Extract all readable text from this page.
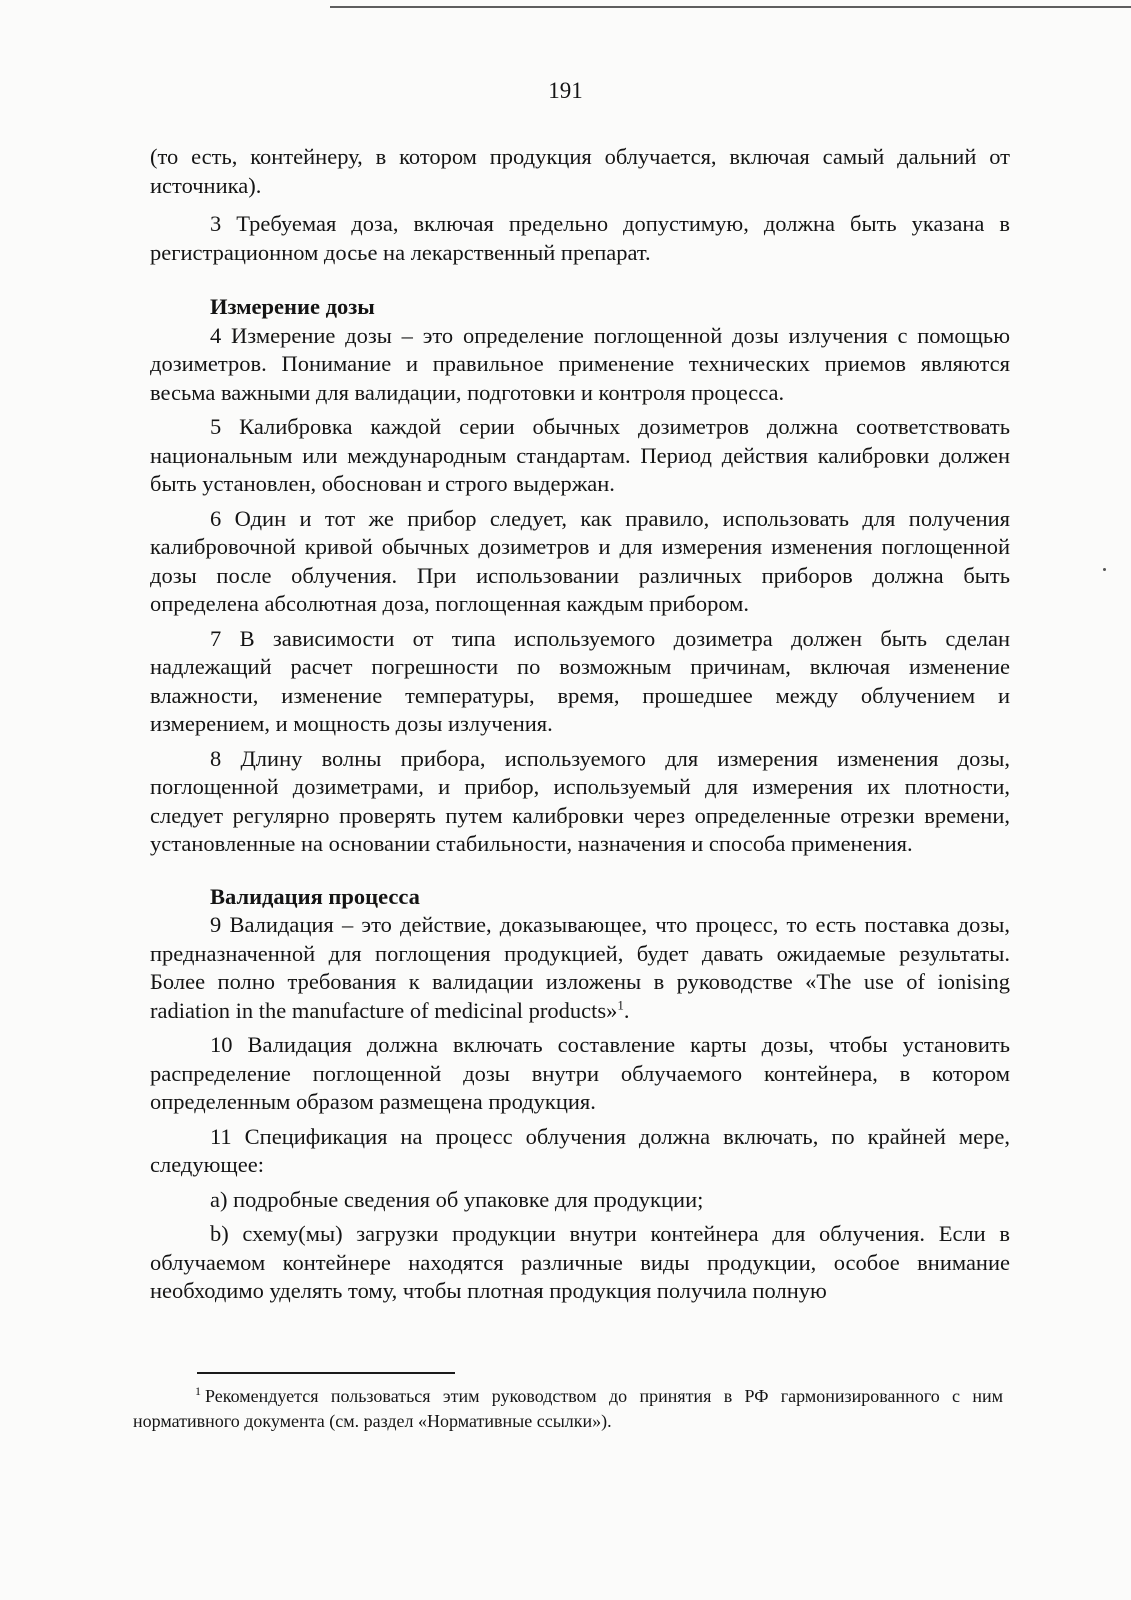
191

(то есть, контейнеру, в котором продукция облучается, включая самый дальний от источника).

3 Требуемая доза, включая предельно допустимую, должна быть указана в регистрационном досье на лекарственный препарат.

Измерение дозы

4 Измерение дозы – это определение поглощенной дозы излучения с помощью дозиметров. Понимание и правильное применение технических приемов являются весьма важными для валидации, подготовки и контроля процесса.

5 Калибровка каждой серии обычных дозиметров должна соответствовать национальным или международным стандартам. Период действия калибровки должен быть установлен, обоснован и строго выдержан.

6 Один и тот же прибор следует, как правило, использовать для получения калибровочной кривой обычных дозиметров и для измерения изменения поглощенной дозы после облучения. При использовании различных приборов должна быть определена абсолютная доза, поглощенная каждым прибором.

7 В зависимости от типа используемого дозиметра должен быть сделан надлежащий расчет погрешности по возможным причинам, включая изменение влажности, изменение температуры, время, прошедшее между облучением и измерением, и мощность дозы излучения.

8 Длину волны прибора, используемого для измерения изменения дозы, поглощенной дозиметрами, и прибор, используемый для измерения их плотности, следует регулярно проверять путем калибровки через определенные отрезки времени, установленные на основании стабильности, назначения и способа применения.

Валидация процесса

9 Валидация – это действие, доказывающее, что процесс, то есть поставка дозы, предназначенной для поглощения продукцией, будет давать ожидаемые результаты. Более полно требования к валидации изложены в руководстве «The use of ionising radiation in the manufacture of medicinal products»$^1$.

10 Валидация должна включать составление карты дозы, чтобы установить распределение поглощенной дозы внутри облучаемого контейнера, в котором определенным образом размещена продукция.

11 Спецификация на процесс облучения должна включать, по крайней мере, следующее:

а) подробные сведения об упаковке для продукции;

b) схему(мы) загрузки продукции внутри контейнера для облучения. Если в облучаемом контейнере находятся различные виды продукции, особое внимание необходимо уделять тому, чтобы плотная продукция получила полную

$^1$ Рекомендуется пользоваться этим руководством до принятия в РФ гармонизированного с ним нормативного документа (см. раздел «Нормативные ссылки»).
